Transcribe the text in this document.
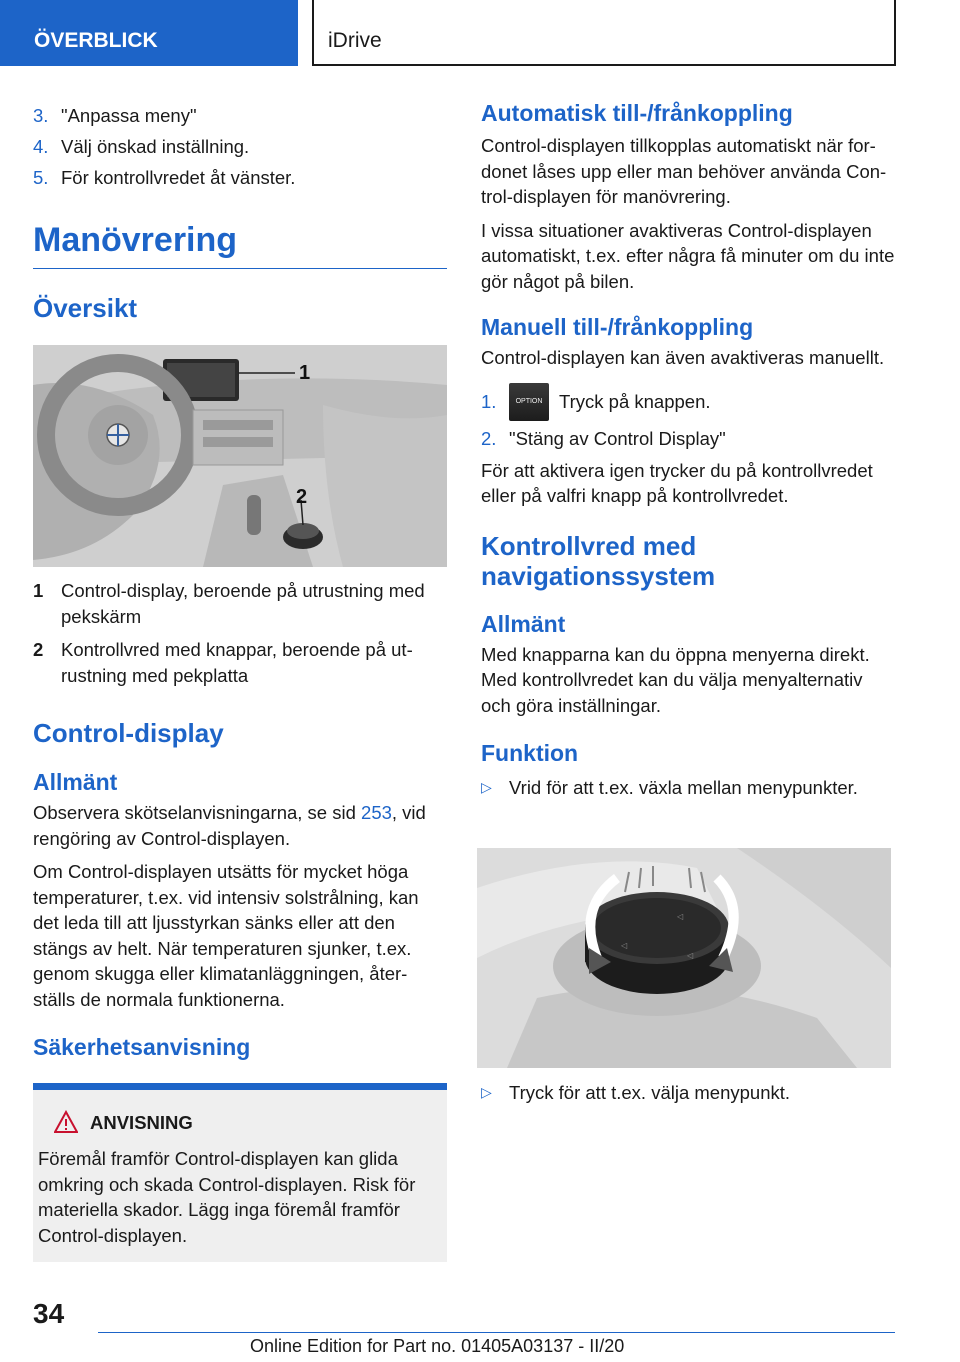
ÖVERBLICK	iDrive
3. "Anpassa meny"
4. Välj önskad inställning.
5. För kontrollvredet åt vänster.
Manövrering
Översikt
1
2
1 Control-display, beroende på utrustning med pekskärm
2 Kontrollvred med knappar, beroende på ut-rustning med pekplatta
Control-display
Allmänt
Observera skötselanvisningarna, se sid 253, vid rengöring av Control-displayen.
Om Control-displayen utsätts för mycket höga temperaturer, t.ex. vid intensiv solstrålning, kan det leda till att ljusstyrkan sänks eller att den stängs av helt. När temperaturen sjunker, t.ex. genom skugga eller klimatanläggningen, åter-ställs de normala funktionerna.
Säkerhetsanvisning
ANVISNING
Föremål framför Control-displayen kan glida omkring och skada Control-displayen. Risk för materiella skador. Lägg inga föremål framför Control-displayen.
Automatisk till-/frånkoppling
Control-displayen tillkopplas automatiskt när for-donet låses upp eller man behöver använda Con-trol-displayen för manövrering.
I vissa situationer avaktiveras Control-displayen automatiskt, t.ex. efter några få minuter om du inte gör något på bilen.
Manuell till-/frånkoppling
Control-displayen kan även avaktiveras manuellt.
1.	OPTION Tryck på knappen.
2. "Stäng av Control Display"
För att aktivera igen trycker du på kontrollvredet eller på valfri knapp på kontrollvredet.
Kontrollvred med navigationssystem
Allmänt
Med knapparna kan du öppna menyerna direkt. Med kontrollvredet kan du välja menyalternativ och göra inställningar.
Funktion
▷ Vrid för att t.ex. växla mellan menypunkter.
◁
◁
◁
▷ Tryck för att t.ex. välja menypunkt.
34
Online Edition for Part no. 01405A03137 - II/20
